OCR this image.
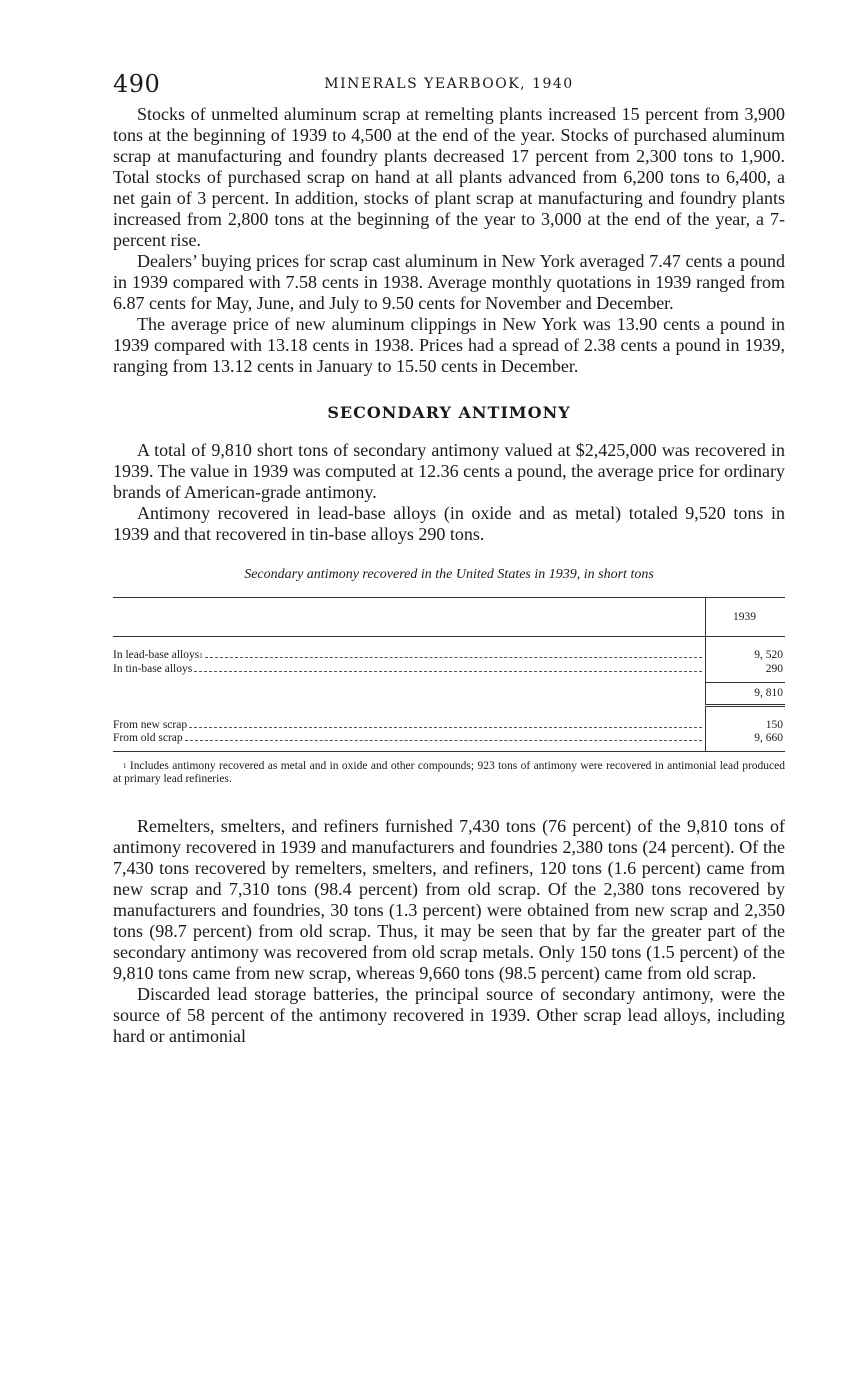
490	MINERALS YEARBOOK, 1940

Stocks of unmelted aluminum scrap at remelting plants increased 15 percent from 3,900 tons at the beginning of 1939 to 4,500 at the end of the year. Stocks of purchased aluminum scrap at manufacturing and foundry plants decreased 17 percent from 2,300 tons to 1,900. Total stocks of purchased scrap on hand at all plants advanced from 6,200 tons to 6,400, a net gain of 3 percent. In addition, stocks of plant scrap at manufacturing and foundry plants increased from 2,800 tons at the beginning of the year to 3,000 at the end of the year, a 7-percent rise.

Dealers’ buying prices for scrap cast aluminum in New York averaged 7.47 cents a pound in 1939 compared with 7.58 cents in 1938. Average monthly quotations in 1939 ranged from 6.87 cents for May, June, and July to 9.50 cents for November and December.

The average price of new aluminum clippings in New York was 13.90 cents a pound in 1939 compared with 13.18 cents in 1938. Prices had a spread of 2.38 cents a pound in 1939, ranging from 13.12 cents in January to 15.50 cents in December.

SECONDARY ANTIMONY

A total of 9,810 short tons of secondary antimony valued at $2,425,000 was recovered in 1939. The value in 1939 was computed at 12.36 cents a pound, the average price for ordinary brands of American-grade antimony.

Antimony recovered in lead-base alloys (in oxide and as metal) totaled 9,520 tons in 1939 and that recovered in tin-base alloys 290 tons.

Secondary antimony recovered in the United States in 1939, in short tons
	1939

In lead-base alloys 1	9, 520

In tin-base alloys	290

	9, 810

From new scrap	150

From old scrap	9, 660

$^1$ Includes antimony recovered as metal and in oxide and other compounds; 923 tons of antimony were recovered in antimonial lead produced at primary lead refineries.

Remelters, smelters, and refiners furnished 7,430 tons (76 percent) of the 9,810 tons of antimony recovered in 1939 and manufacturers and foundries 2,380 tons (24 percent). Of the 7,430 tons recovered by remelters, smelters, and refiners, 120 tons (1.6 percent) came from new scrap and 7,310 tons (98.4 percent) from old scrap. Of the 2,380 tons recovered by manufacturers and foundries, 30 tons (1.3 percent) were obtained from new scrap and 2,350 tons (98.7 percent) from old scrap. Thus, it may be seen that by far the greater part of the secondary antimony was recovered from old scrap metals. Only 150 tons (1.5 percent) of the 9,810 tons came from new scrap, whereas 9,660 tons (98.5 percent) came from old scrap.

Discarded lead storage batteries, the principal source of secondary antimony, were the source of 58 percent of the antimony recovered in 1939. Other scrap lead alloys, including hard or antimonial
